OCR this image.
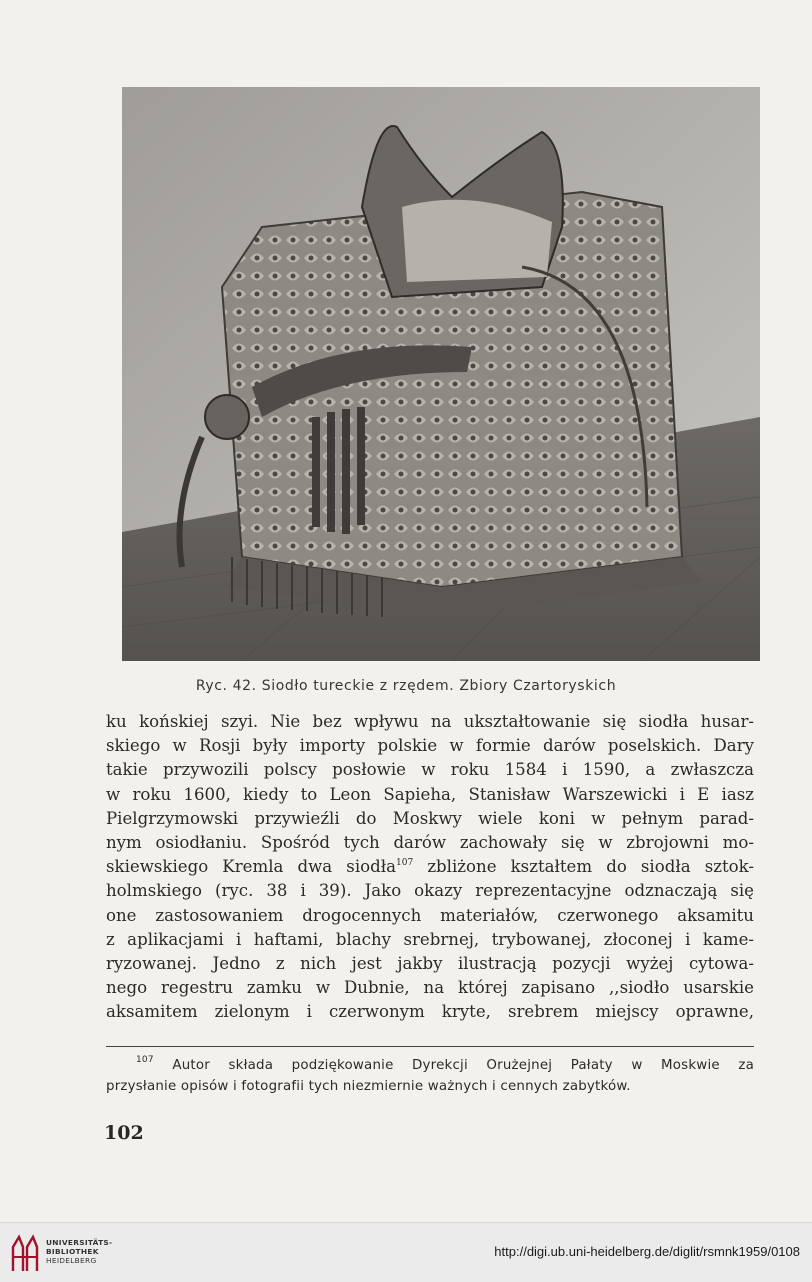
Ryc. 42. Siodło tureckie z rzędem. Zbiory Czartoryskich
ku końskiej szyi. Nie bez wpływu na ukształtowanie się siodła husar-
skiego w Rosji były importy polskie w formie darów poselskich. Dary
takie przywozili polscy posłowie w roku 1584 i 1590, a zwłaszcza
w roku 1600, kiedy to Leon Sapieha, Stanisław Warszewicki i E iasz
Pielgrzymowski przywieźli do Moskwy wiele koni w pełnym parad-
nym osiodłaniu. Spośród tych darów zachowały się w zbrojowni mo-
skiewskiego Kremla dwa siodła$^{107}$ zbliżone kształtem do siodła sztok-
holmskiego (ryc. 38 i 39). Jako okazy reprezentacyjne odznaczają się
one zastosowaniem drogocennych materiałów, czerwonego aksamitu
z aplikacjami i haftami, blachy srebrnej, trybowanej, złoconej i kame-
ryzowanej. Jedno z nich jest jakby ilustracją pozycji wyżej cytowa-
nego regestru zamku w Dubnie, na której zapisano ,,siodło usarskie
aksamitem zielonym i czerwonym kryte, srebrem miejscy oprawne,
$^{107}$ Autor składa podziękowanie Dyrekcji Orużejnej Pałaty w Moskwie za
przysłanie opisów i fotografii tych niezmiernie ważnych i cennych zabytków.
102
UNIVERSITÄTS-
BIBLIOTHEK
HEIDELBERG
http://digi.ub.uni-heidelberg.de/diglit/rsmnk1959/0108
